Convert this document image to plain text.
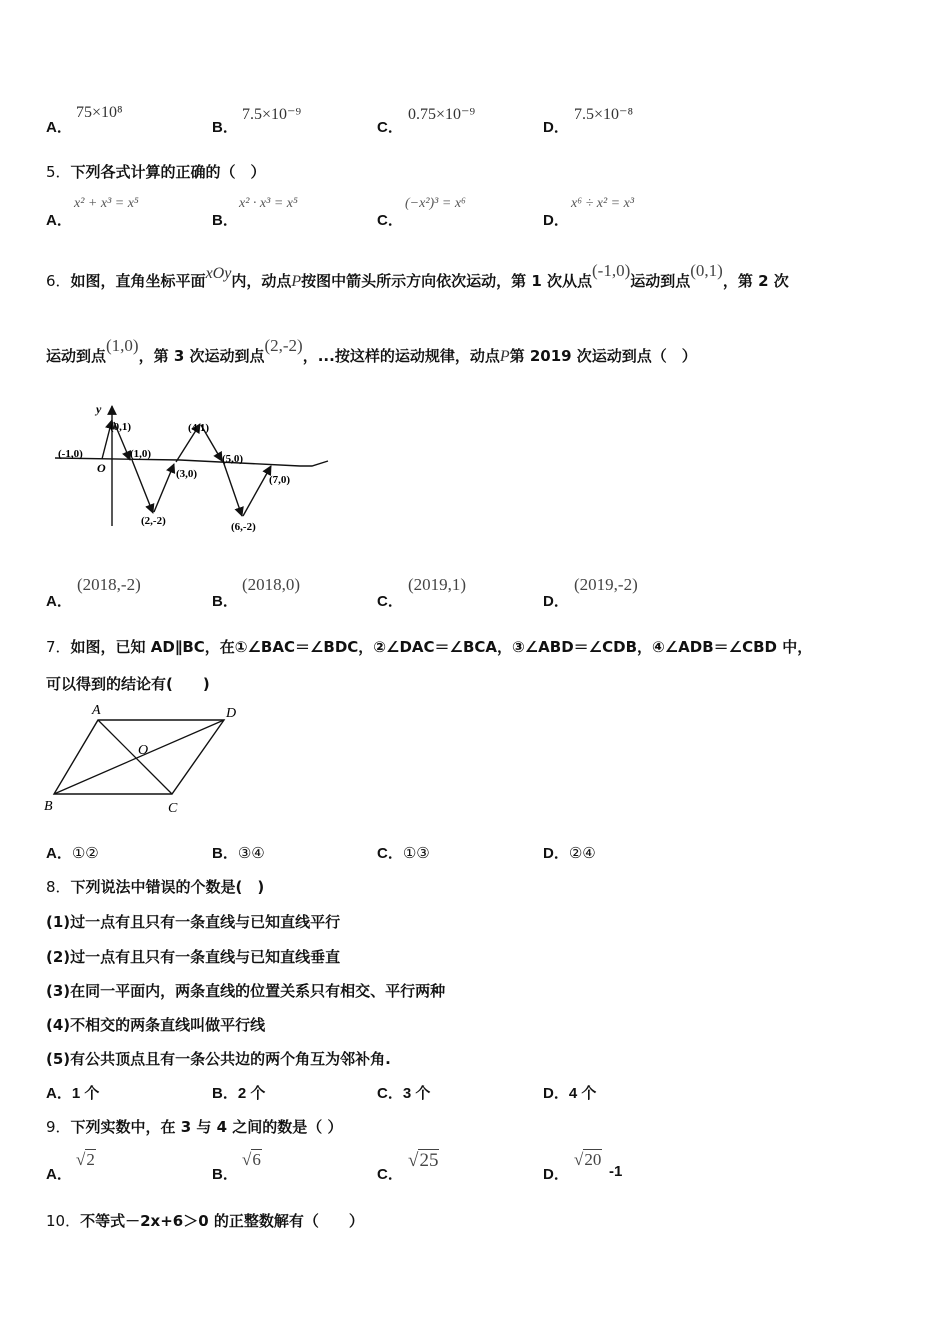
A．
75×10⁸
B．
7.5×10⁻⁹
C．
0.75×10⁻⁹
D．
7.5×10⁻⁸
5．下列各式计算的正确的（　）
A．
x² + x³ = x⁵
B．
x² · x³ = x⁵
C．
(−x²)³ = x⁶
D．
x⁶ ÷ x² = x³
6．如图，直角坐标平面xOy内，动点P按图中箭头所示方向依次运动，第 1 次从点(-1,0)运动到点(0,1)，第 2 次
运动到点(1,0)，第 3 次运动到点(2,-2)，...按这样的运动规律，动点P第 2019 次运动到点（　）
y
O
(-1,0)
(0,1)
(1,0)
(2,-2)
(3,0)
(4,1)
(5,0)
(6,-2)
(7,0)
A．
(2018,-2)
B．
(2018,0)
C．
(2019,1)
D．
(2019,-2)
7．如图，已知 AD∥BC，在①∠BAC＝∠BDC，②∠DAC＝∠BCA，③∠ABD＝∠CDB，④∠ADB＝∠CBD 中，
可以得到的结论有(　　)
A	D
B	C
O
A．①②	B．③④	C．①③	D．②④
8．下列说法中错误的个数是(　)
(1)过一点有且只有一条直线与已知直线平行
(2)过一点有且只有一条直线与已知直线垂直
(3)在同一平面内，两条直线的位置关系只有相交、平行两种
(4)不相交的两条直线叫做平行线
(5)有公共顶点且有一条公共边的两个角互为邻补角.
A．1 个	B．2 个	C．3 个	D．4 个
9．下列实数中，在 3 与 4 之间的数是（ ）
A．
√2
B．
√6
C．
√25
D．
√20
-1
10．不等式－2x+6＞0 的正整数解有（　　）
